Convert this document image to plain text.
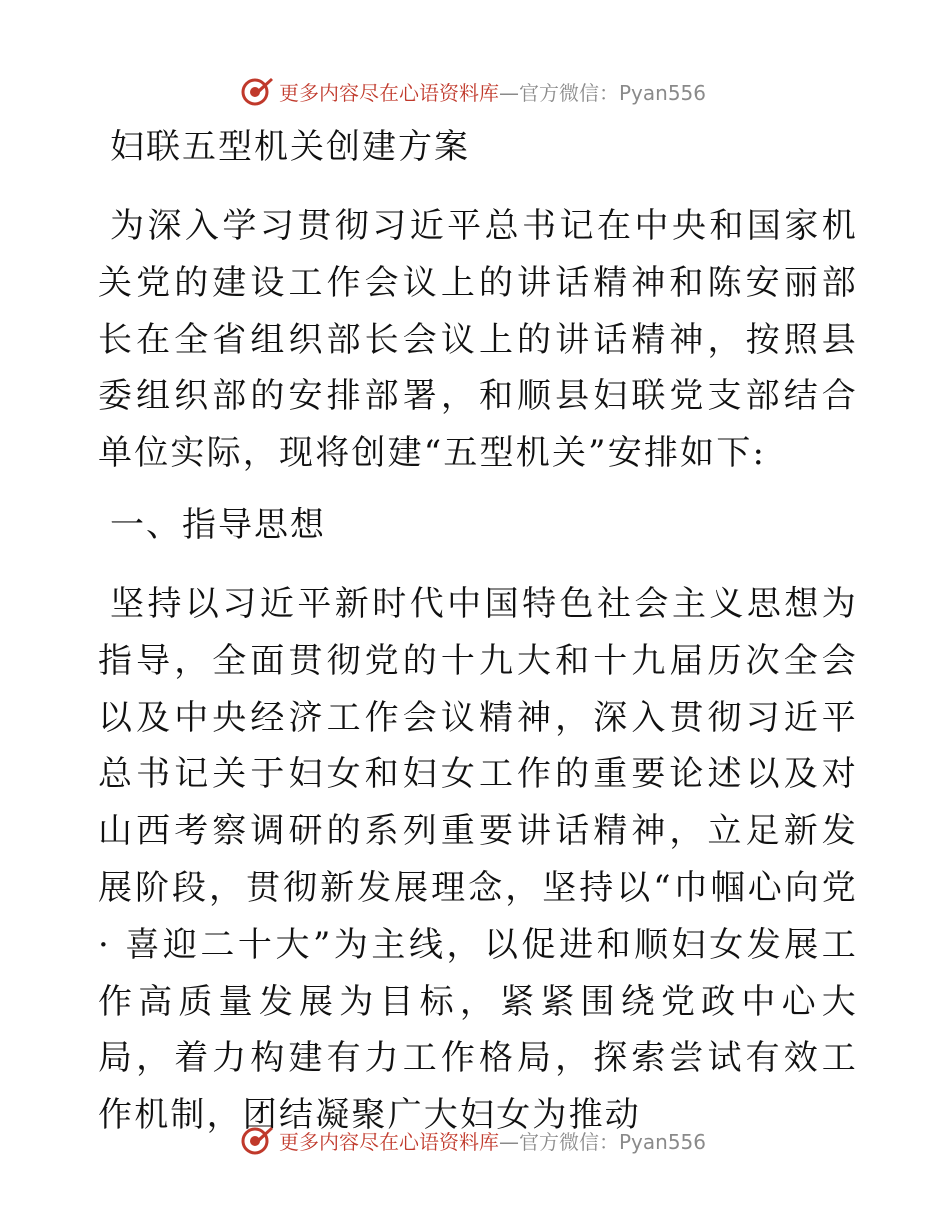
更多内容尽在心语资料库—官方微信：Pyan556
妇联五型机关创建方案

为深入学习贯彻习近平总书记在中央和国家机关党的建设工作会议上的讲话精神和陈安丽部长在全省组织部长会议上的讲话精神，按照县委组织部的安排部署，和顺县妇联党支部结合单位实际，现将创建“五型机关”安排如下:

一、指导思想

坚持以习近平新时代中国特色社会主义思想为指导，全面贯彻党的十九大和十九届历次全会以及中央经济工作会议精神，深入贯彻习近平总书记关于妇女和妇女工作的重要论述以及对山西考察调研的系列重要讲话精神，立足新发展阶段，贯彻新发展理念，坚持以“巾帼心向党 · 喜迎二十大”为主线，以促进和顺妇女发展工作高质量发展为目标，紧紧围绕党政中心大局，着力构建有力工作格局，探索尝试有效工作机制，团结凝聚广大妇女为推动

更多内容尽在心语资料库—官方微信：Pyan556
